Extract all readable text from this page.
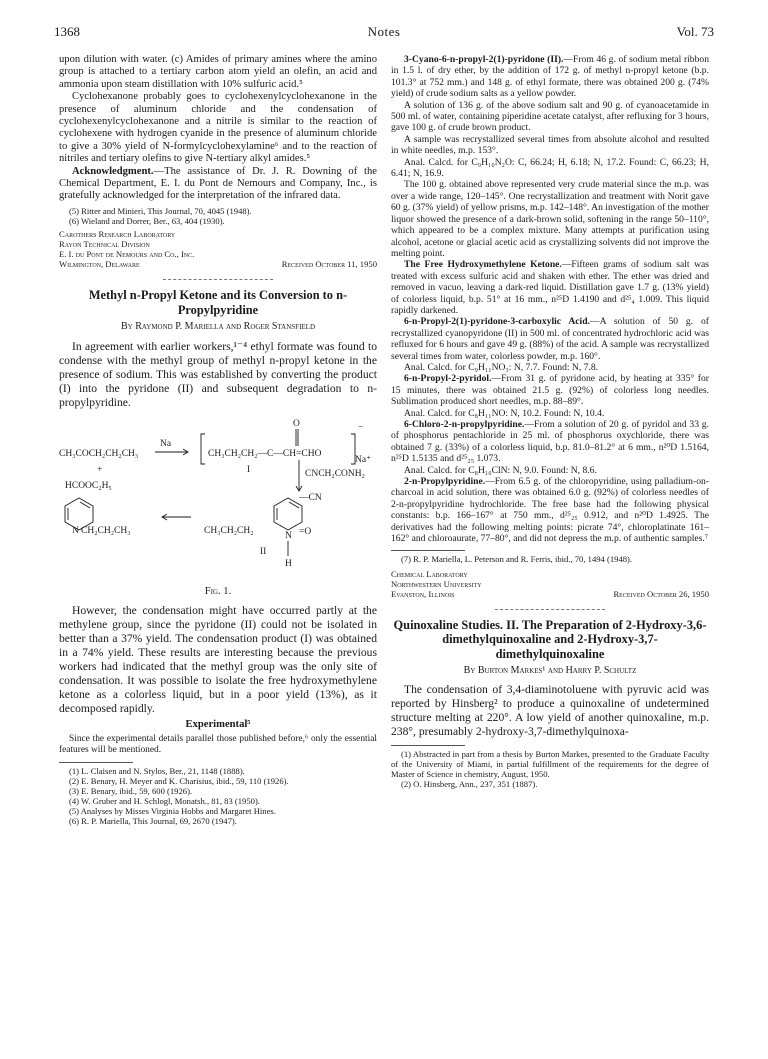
1368	Notes	Vol. 73

upon dilution with water. (c) Amides of primary amines where the amino group is attached to a tertiary carbon atom yield an olefin, an acid and ammonia upon steam distillation with 10% sulfuric acid.⁵

Cyclohexanone probably goes to cyclohexenylcyclohexanone in the presence of aluminum chloride and the condensation of cyclohexenylcyclohexanone and a nitrile is similar to the reaction of cyclohexene with hydrogen cyanide in the presence of aluminum chloride to give a 30% yield of N-formylcyclohexylamine⁶ and to the reaction of nitriles and tertiary olefins to give N-tertiary alkyl amides.⁵

Acknowledgment.—The assistance of Dr. J. R. Downing of the Chemical Department, E. I. du Pont de Nemours and Company, Inc., is gratefully acknowledged for the interpretation of the infrared data.

(5) Ritter and Minieri, This Journal, 70, 4045 (1948).

(6) Wieland and Dorrer, Ber., 63, 404 (1930).

Carothers Research Laboratory
Rayon Technical Division
E. I. du Pont de Nemours and Co., Inc.
Wilmington, Delaware	Received October 11, 1950
Methyl n-Propyl Ketone and its Conversion to n-Propylpyridine
By Raymond P. Mariella and Roger Stansfield

In agreement with earlier workers,¹⁻⁴ ethyl formate was found to condense with the methyl group of methyl n-propyl ketone in the presence of sodium. This was established by converting the product (I) into the pyridone (II) and subsequent degradation to n-propylpyridine.

CH₃COCH₂CH₂CH₃
Na
+
HCOOC₂H₅
CH₃CH₂CH₂—C—CH=CHO
O
Na⁺
−
I	CNCH₂CONH₂
CH₂CH₂CH₃
N	CH₃CH₂CH₂
—CN
=O
N
H
II
Fig. 1.

However, the condensation might have occurred partly at the methylene group, since the pyridone (II) could not be isolated in better than a 37% yield. The condensation product (I) was obtained in a 74% yield. These results are interesting because the previous workers had indicated that the methyl group was the only site of condensation. It was possible to isolate the free hydroxymethylene ketone as a colorless liquid, but in a poor yield (13%), as it decomposed rapidly.

Experimental⁵

Since the experimental details parallel those published before,⁶ only the essential features will be mentioned.

(1) L. Claisen and N. Stylos, Ber., 21, 1148 (1888).

(2) E. Benary, H. Meyer and K. Charisius, ibid., 59, 110 (1926).

(3) E. Benary, ibid., 59, 600 (1926).

(4) W. Gruber and H. Schlogl, Monatsh., 81, 83 (1950).

(5) Analyses by Misses Virginia Hobbs and Margaret Hines.

(6) R. P. Mariella, This Journal, 69, 2670 (1947).

3-Cyano-6-n-propyl-2(1)-pyridone (II).—From 46 g. of sodium metal ribbon in 1.5 l. of dry ether, by the addition of 172 g. of methyl n-propyl ketone (b.p. 101.3° at 752 mm.) and 148 g. of ethyl formate, there was obtained 200 g. (74% yield) of crude sodium salts as a yellow powder.

A solution of 136 g. of the above sodium salt and 90 g. of cyanoacetamide in 500 ml. of water, containing piperidine acetate catalyst, after refluxing for 3 hours, gave 100 g. of crude brown product.

A sample was recrystallized several times from absolute alcohol and resulted in white needles, m.p. 153°.

Anal. Calcd. for C₉H₁₀N₂O: C, 66.24; H, 6.18; N, 17.2. Found: C, 66.23; H, 6.41; N, 16.9.

The 100 g. obtained above represented very crude material since the m.p. was over a wide range, 120–145°. One recrystallization and treatment with Norit gave 60 g. (37% yield) of yellow prisms, m.p. 142–148°. An investigation of the mother liquor showed the presence of a dark-brown solid, softening in the range 50–110°, which appeared to be a complex mixture. Many attempts at purification using alcohol, acetone or glacial acetic acid as crystallizing solvents did not improve the melting point.

The Free Hydroxymethylene Ketone.—Fifteen grams of sodium salt was treated with excess sulfuric acid and shaken with ether. The ether was dried and removed in vacuo, leaving a dark-red liquid. Distillation gave 1.7 g. (13% yield) of colorless liquid, b.p. 51° at 16 mm., n²⁵D 1.4190 and d²⁵₄ 1.009. This liquid rapidly darkened.

6-n-Propyl-2(1)-pyridone-3-carboxylic Acid.—A solution of 50 g. of recrystallized cyanopyridone (II) in 500 ml. of concentrated hydrochloric acid was refluxed for 6 hours and gave 49 g. (88%) of the acid. A sample was recrystallized several times from water, colorless powder, m.p. 160°.

Anal. Calcd. for C₉H₁₁NO₃: N, 7.7. Found: N, 7.8.

6-n-Propyl-2-pyridol.—From 31 g. of pyridone acid, by heating at 335° for 15 minutes, there was obtained 21.5 g. (92%) of colorless long needles. Sublimation produced short needles, m.p. 88–89°.

Anal. Calcd. for C₈H₁₁NO: N, 10.2. Found: N, 10.4.

6-Chloro-2-n-propylpyridine.—From a solution of 20 g. of pyridol and 33 g. of phosphorus pentachloride in 25 ml. of phosphorus oxychloride, there was obtained 7 g. (33%) of a colorless liquid, b.p. 81.0–81.2° at 6 mm., n²⁰D 1.5164, n²⁵D 1.5135 and d²⁵₂₅ 1.073.

Anal. Calcd. for C₈H₁₀ClN: N, 9.0. Found: N, 8.6.

2-n-Propylpyridine.—From 6.5 g. of the chloropyridine, using palladium-on-charcoal in acid solution, there was obtained 6.0 g. (92%) of colorless needles of 2-n-propylpyridine hydrochloride. The free base had the following physical constants: b.p. 166–167° at 750 mm., d²⁵₂₅ 0.912, and n²⁰D 1.4925. The derivatives had the following melting points: picrate 74°, chloroplatinate 161–162° and chloroaurate, 77–80°, and did not depress the m.p. of authentic samples.⁷

(7) R. P. Mariella, L. Peterson and R. Ferris, ibid., 70, 1494 (1948).

Chemical Laboratory
Northwestern University
Evanston, Illinois	Received October 26, 1950
Quinoxaline Studies. II. The Preparation of 2-Hydroxy-3,6-dimethylquinoxaline and 2-Hydroxy-3,7-dimethylquinoxaline
By Burton Markes¹ and Harry P. Schultz

The condensation of 3,4-diaminotoluene with pyruvic acid was reported by Hinsberg² to produce a quinoxaline of undetermined structure melting at 220°. A low yield of another quinoxaline, m.p. 238°, presumably 2-hydroxy-3,7-dimethylquinoxa-

(1) Abstracted in part from a thesis by Burton Markes, presented to the Graduate Faculty of the University of Miami, in partial fulfillment of the requirements for the degree of Master of Science in chemistry, August, 1950.

(2) O. Hinsberg, Ann., 237, 351 (1887).
